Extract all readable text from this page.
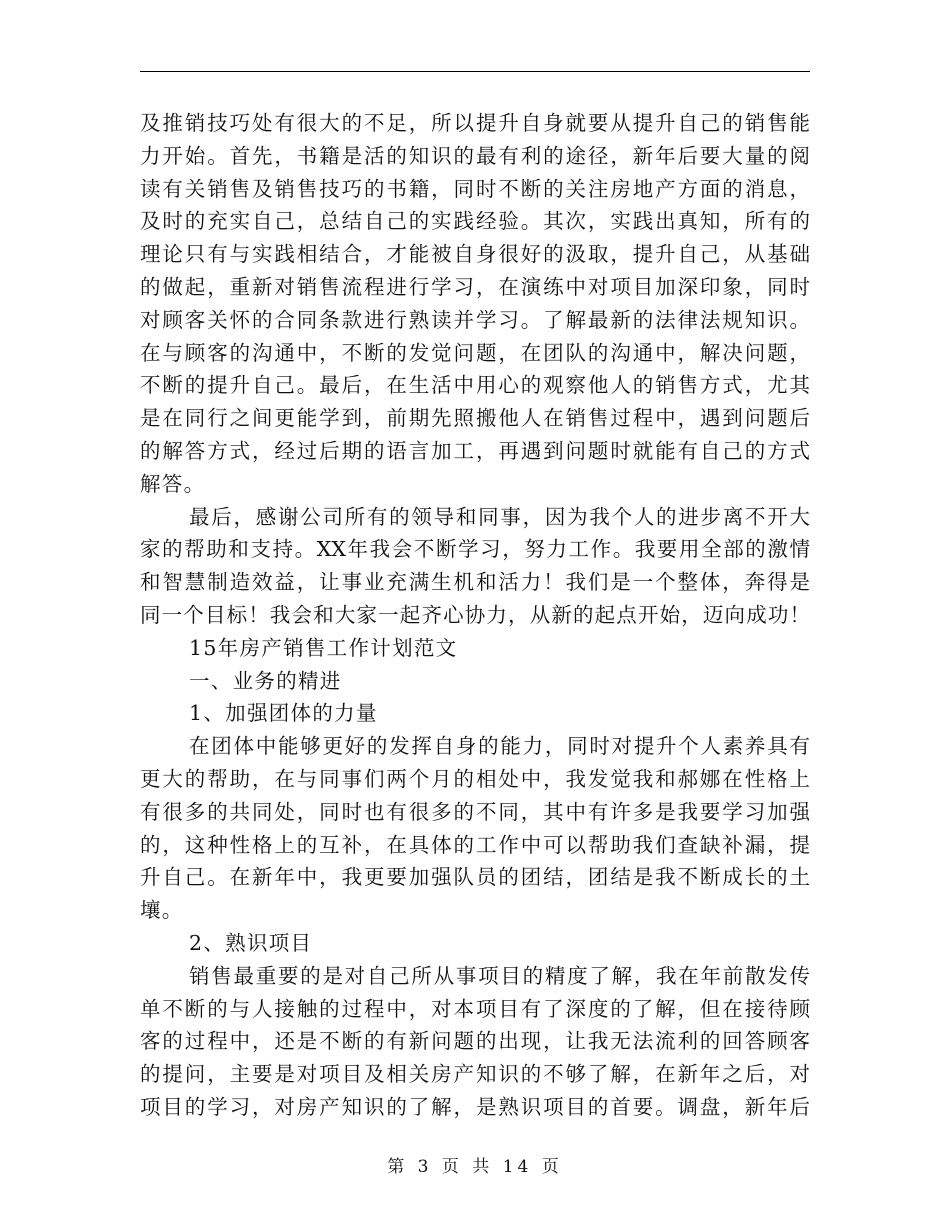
及推销技巧处有很大的不足，所以提升自身就要从提升自己的销售能
力开始。首先，书籍是活的知识的最有利的途径，新年后要大量的阅
读有关销售及销售技巧的书籍，同时不断的关注房地产方面的消息，
及时的充实自己，总结自己的实践经验。其次，实践出真知，所有的
理论只有与实践相结合，才能被自身很好的汲取，提升自己，从基础
的做起，重新对销售流程进行学习，在演练中对项目加深印象，同时
对顾客关怀的合同条款进行熟读并学习。了解最新的法律法规知识。
在与顾客的沟通中，不断的发觉问题，在团队的沟通中，解决问题，
不断的提升自己。最后，在生活中用心的观察他人的销售方式，尤其
是在同行之间更能学到，前期先照搬他人在销售过程中，遇到问题后
的解答方式，经过后期的语言加工，再遇到问题时就能有自己的方式
解答。
最后，感谢公司所有的领导和同事，因为我个人的进步离不开大
家的帮助和支持。XX年我会不断学习，努力工作。我要用全部的激情
和智慧制造效益，让事业充满生机和活力！我们是一个整体，奔得是
同一个目标！我会和大家一起齐心协力，从新的起点开始，迈向成功！
15年房产销售工作计划范文
一、业务的精进
1、加强团体的力量
在团体中能够更好的发挥自身的能力，同时对提升个人素养具有
更大的帮助，在与同事们两个月的相处中，我发觉我和郝娜在性格上
有很多的共同处，同时也有很多的不同，其中有许多是我要学习加强
的，这种性格上的互补，在具体的工作中可以帮助我们查缺补漏，提
升自己。在新年中，我更要加强队员的团结，团结是我不断成长的土
壤。
2、熟识项目
销售最重要的是对自己所从事项目的精度了解，我在年前散发传
单不断的与人接触的过程中，对本项目有了深度的了解，但在接待顾
客的过程中，还是不断的有新问题的出现，让我无法流利的回答顾客
的提问，主要是对项目及相关房产知识的不够了解，在新年之后，对
项目的学习，对房产知识的了解，是熟识项目的首要。调盘，新年后
第 3 页 共 14 页
